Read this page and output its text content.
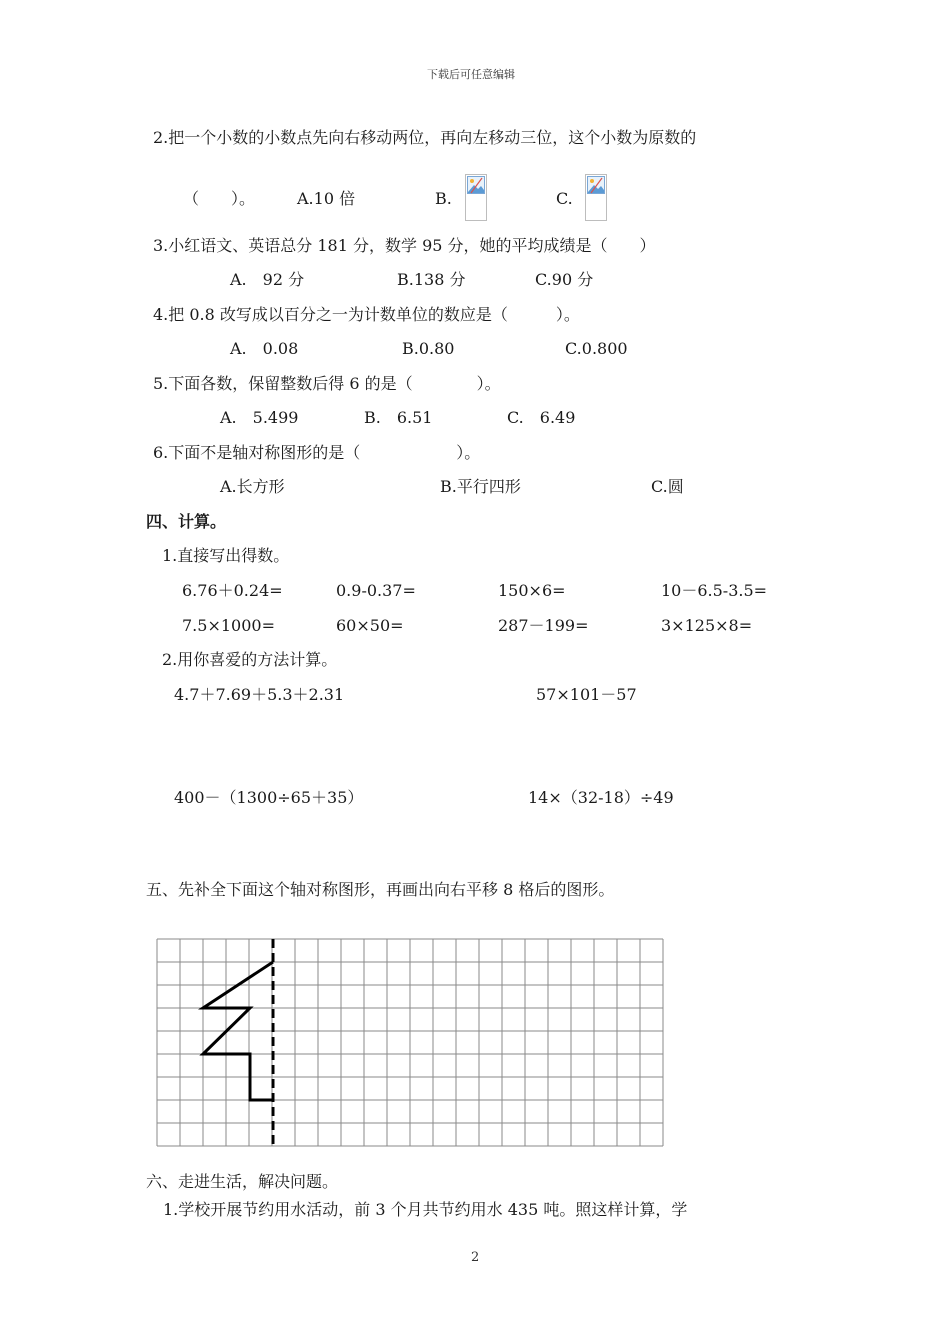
下载后可任意编辑
2.把一个小数的小数点先向右移动两位，再向左移动三位，这个小数为原数的
（　　）。	A.10 倍	B.	C.
3.小红语文、英语总分 181 分，数学 95 分，她的平均成绩是（　　）
A.　92 分	B.138 分	C.90 分
4.把 0.8 改写成以百分之一为计数单位的数应是（　　　）。
A.　0.08	B.0.80	C.0.800
5.下面各数，保留整数后得 6 的是（　　　　）。
A.　5.499	B.　6.51	C.　6.49
6.下面不是轴对称图形的是（　　　　　　）。
A.长方形	B.平行四形	C.圆
四、计算。
1.直接写出得数。
6.76＋0.24=	0.9-0.37=	150×6=	10－6.5-3.5=
7.5×1000=	60×50=	287－199=	3×125×8=
2.用你喜爱的方法计算。
4.7＋7.69＋5.3＋2.31	57×101－57
400－（1300÷65＋35）	14×（32-18）÷49
五、先补全下面这个轴对称图形，再画出向右平移 8 格后的图形。
六、走进生活，解决问题。
1.学校开展节约用水活动，前 3 个月共节约用水 435 吨。照这样计算，学
2
